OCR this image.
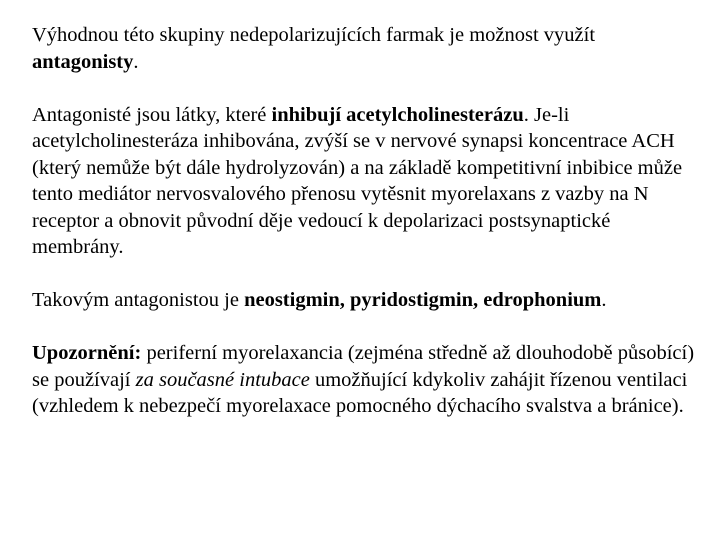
Výhodnou této skupiny nedepolarizujících farmak je možnost využít antagonisty.

Antagonisté jsou látky, které inhibují acetylcholinesterázu. Je-li acetylcholinesteráza inhibována, zvýší se v nervové synapsi koncentrace ACH (který nemůže být dále hydrolyzován) a na základě kompetitivní inbibice může tento mediátor nervosvalového přenosu vytěsnit myorelaxans z vazby na N receptor a obnovit původní děje vedoucí k depolarizaci postsynaptické membrány.

Takovým antagonistou je neostigmin, pyridostigmin, edrophonium.

Upozornění: periferní myorelaxancia (zejména středně až dlouhodobě působící) se používají za současné intubace umožňující kdykoliv zahájit řízenou ventilaci (vzhledem k nebezpečí myorelaxace pomocného dýchacího svalstva a bránice).
